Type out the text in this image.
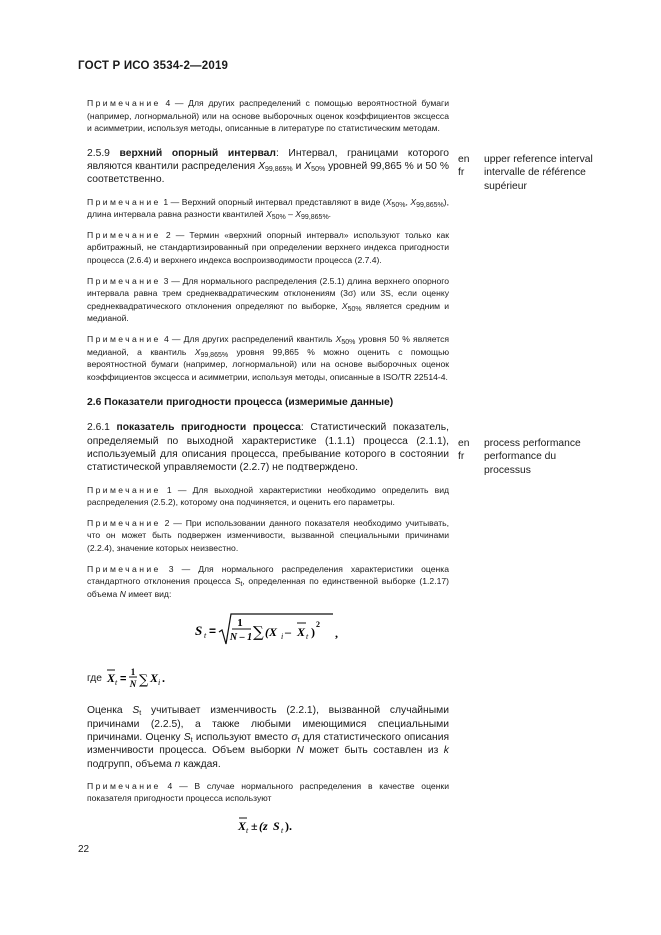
ГОСТ Р ИСО 3534-2—2019

Примечание 4 — Для других распределений с помощью вероятностной бумаги (например, логнормальной) или на основе выборочных оценок коэффициентов эксцесса и асимметрии, используя методы, описанные в литературе по статистическим методам.

2.5.9 верхний опорный интервал: Интервал, границами которого являются квантили распределения $X_{99,865\%}$ и $X_{50\%}$ уровней 99,865 % и 50 % соответственно.

Примечание 1 — Верхний опорный интервал представляют в виде ($X_{50\%}$, $X_{99,865\%}$), длина интервала равна разности квантилей $X_{50\%} - X_{99,865\%}$.

Примечание 2 — Термин «верхний опорный интервал» используют только как арбитражный, не стандартизированный при определении верхнего индекса пригодности процесса (2.6.4) и верхнего индекса воспроизводимости процесса (2.7.4).

Примечание 3 — Для нормального распределения (2.5.1) длина верхнего опорного интервала равна трем среднеквадратическим отклонениям (3σ) или 3S, если оценку среднеквадратического отклонения определяют по выборке, $X_{50\%}$ является средним и медианой.

Примечание 4 — Для других распределений квантиль $X_{50\%}$ уровня 50 % является медианой, а квантиль $X_{99,865\%}$ уровня 99,865 % можно оценить с помощью вероятностной бумаги (например, логнормальной) или на основе выборочных оценок коэффициентов эксцесса и асимметрии, используя методы, описанные в ISO/TR 22514-4.

2.6 Показатели пригодности процесса (измеримые данные)

2.6.1 показатель пригодности процесса: Статистический показатель, определяемый по выходной характеристике (1.1.1) процесса (2.1.1), используемый для описания процесса, пребывание которого в состоянии статистической управляемости (2.2.7) не подтверждено.

Примечание 1 — Для выходной характеристики необходимо определить вид распределения (2.5.2), которому она подчиняется, и оценить его параметры.

Примечание 2 — При использовании данного показателя необходимо учитывать, что он может быть подвержен изменчивости, вызванной специальными причинами (2.2.4), значение которых неизвестно.

Примечание 3 — Для нормального распределения характеристики оценка стандартного отклонения процесса $S_t$, определенная по единственной выборке (1.2.17) объема N имеет вид:

S t =
1
N – 1 ∑ (X i – X t )
2
,
где X t =
1
N ∑ X i .

Оценка $S_t$ учитывает изменчивость (2.2.1), вызванной случайными причинами (2.2.5), а также любыми имеющимися специальными причинами. Оценку $S_t$ используют вместо $\sigma_t$ для статистического описания изменчивости процесса. Объем выборки N может быть составлен из k подгрупп, объема n каждая.

Примечание 4 — В случае нормального распределения в качестве оценки показателя пригодности процесса используют

X t ± (z S t ).
en	upper reference interval
fr	intervalle de référence supérieur
en	process performance
fr	performance du processus
22
